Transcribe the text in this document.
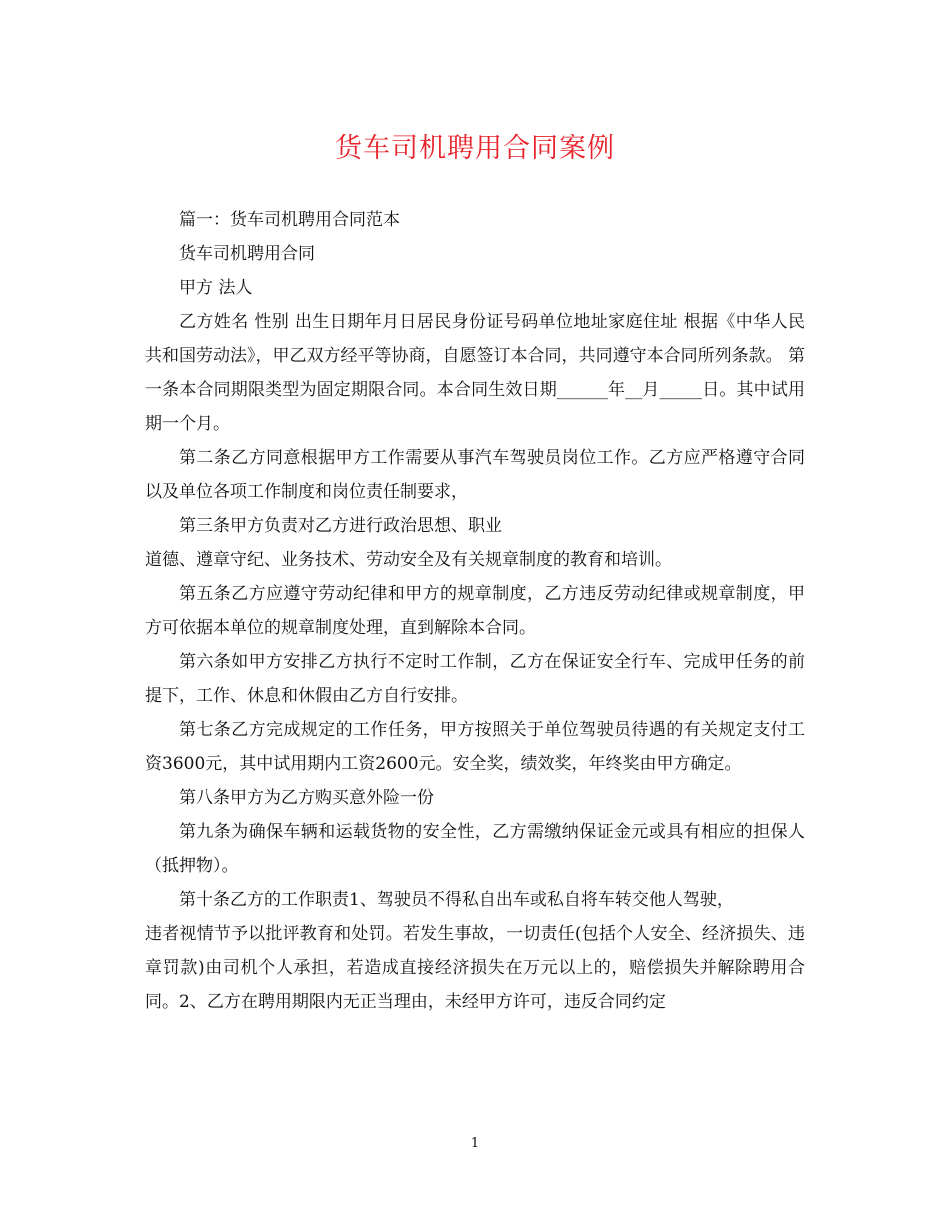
货车司机聘用合同案例

篇一：货车司机聘用合同范本

货车司机聘用合同

甲方 法人

乙方姓名 性别 出生日期年月日居民身份证号码单位地址家庭住址 根据《中华人民共和国劳动法》，甲乙双方经平等协商，自愿签订本合同，共同遵守本合同所列条款。 第一条本合同期限类型为固定期限合同。本合同生效日期______年__月_____日。其中试用期一个月。

第二条乙方同意根据甲方工作需要从事汽车驾驶员岗位工作。乙方应严格遵守合同以及单位各项工作制度和岗位责任制要求，

第三条甲方负责对乙方进行政治思想、职业

道德、遵章守纪、业务技术、劳动安全及有关规章制度的教育和培训。

第五条乙方应遵守劳动纪律和甲方的规章制度，乙方违反劳动纪律或规章制度，甲方可依据本单位的规章制度处理，直到解除本合同。

第六条如甲方安排乙方执行不定时工作制，乙方在保证安全行车、完成甲任务的前提下，工作、休息和休假由乙方自行安排。

第七条乙方完成规定的工作任务，甲方按照关于单位驾驶员待遇的有关规定支付工资3600元，其中试用期内工资2600元。安全奖，绩效奖，年终奖由甲方确定。

第八条甲方为乙方购买意外险一份

第九条为确保车辆和运载货物的安全性，乙方需缴纳保证金元或具有相应的担保人（抵押物）。

第十条乙方的工作职责1、驾驶员不得私自出车或私自将车转交他人驾驶，

违者视情节予以批评教育和处罚。若发生事故，一切责任(包括个人安全、经济损失、违章罚款)由司机个人承担，若造成直接经济损失在万元以上的，赔偿损失并解除聘用合同。2、乙方在聘用期限内无正当理由，未经甲方许可，违反合同约定

1
